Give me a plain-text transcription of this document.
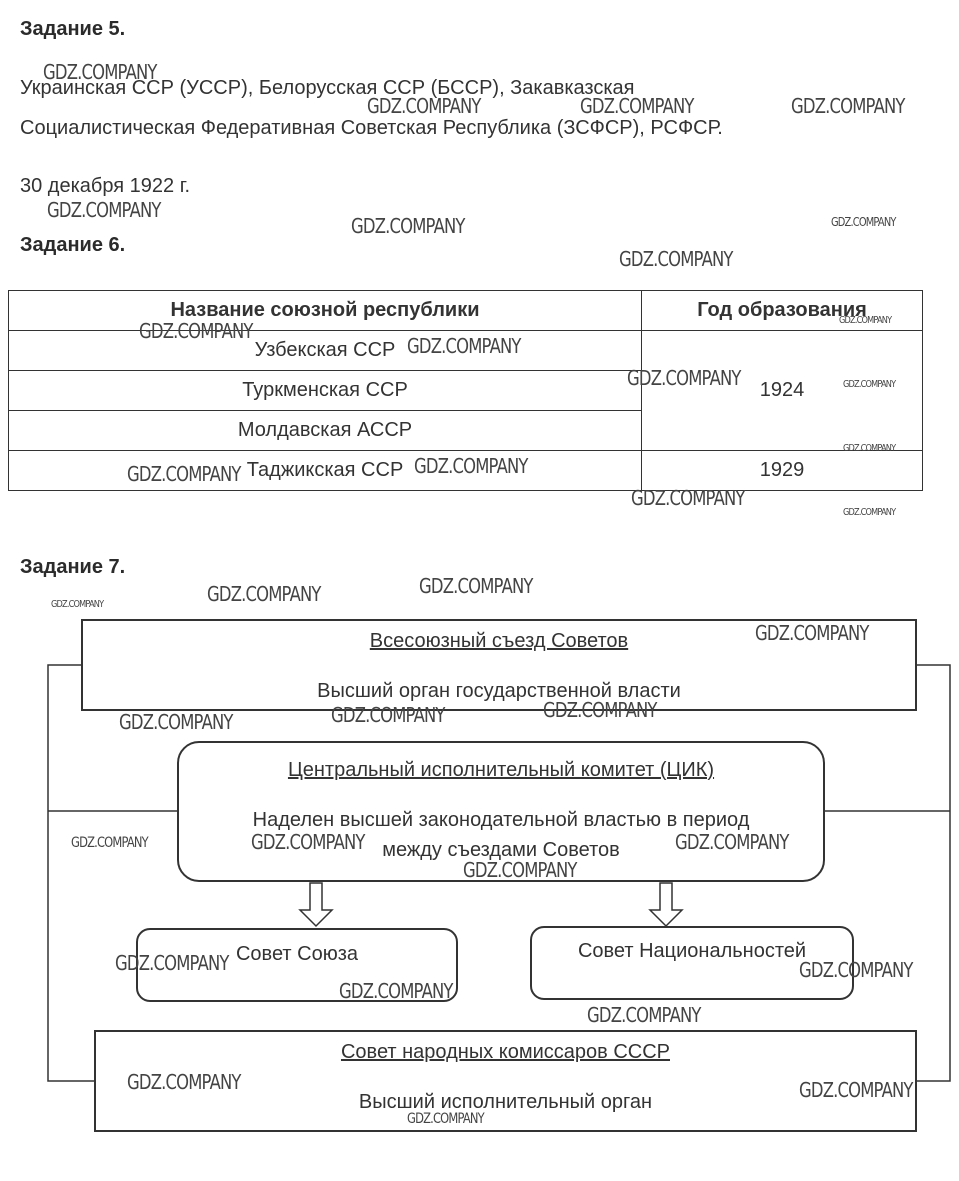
Задание 5.
Украинская ССР (УССР), Белорусская ССР (БССР), Закавказская
Социалистическая Федеративная Советская Республика (ЗСФСР), РСФСР.
30 декабря 1922 г.
Задание 6.
Название союзной республики	Год образования
Узбекская ССР	1924
Туркменская ССР	
Молдавская АССР	
Таджикская ССР	1929
Задание 7.
Всесоюзный съезд Советов
Высший орган государственной власти
Центральный исполнительный комитет (ЦИК)
Наделен высшей законодательной властью в период
между съездами Советов
Совет Союза	Совет Национальностей
Совет народных комиссаров СССР
Высший исполнительный орган
GDZ.COMPANY
GDZ.COMPANY	GDZ.COMPANY	GDZ.COMPANY
GDZ.COMPANY
GDZ.COMPANY	GDZ.COMPANY
GDZ.COMPANY
GDZ.COMPANY
GDZ.COMPANY
GDZ.COMPANY
GDZ.COMPANY	GDZ.COMPANY
GDZ.COMPANY
GDZ.COMPANY
GDZ.COMPANY
GDZ.COMPANY
GDZ.COMPANY
GDZ.COMPANY
GDZ.COMPANY
GDZ.COMPANY
GDZ.COMPANY
GDZ.COMPANY
GDZ.COMPANY
GDZ.COMPANY
GDZ.COMPANY	GDZ.COMPANY	GDZ.COMPANY
GDZ.COMPANY
GDZ.COMPANY	GDZ.COMPANY
GDZ.COMPANY
GDZ.COMPANY
GDZ.COMPANY	GDZ.COMPANY
GDZ.COMPANY
